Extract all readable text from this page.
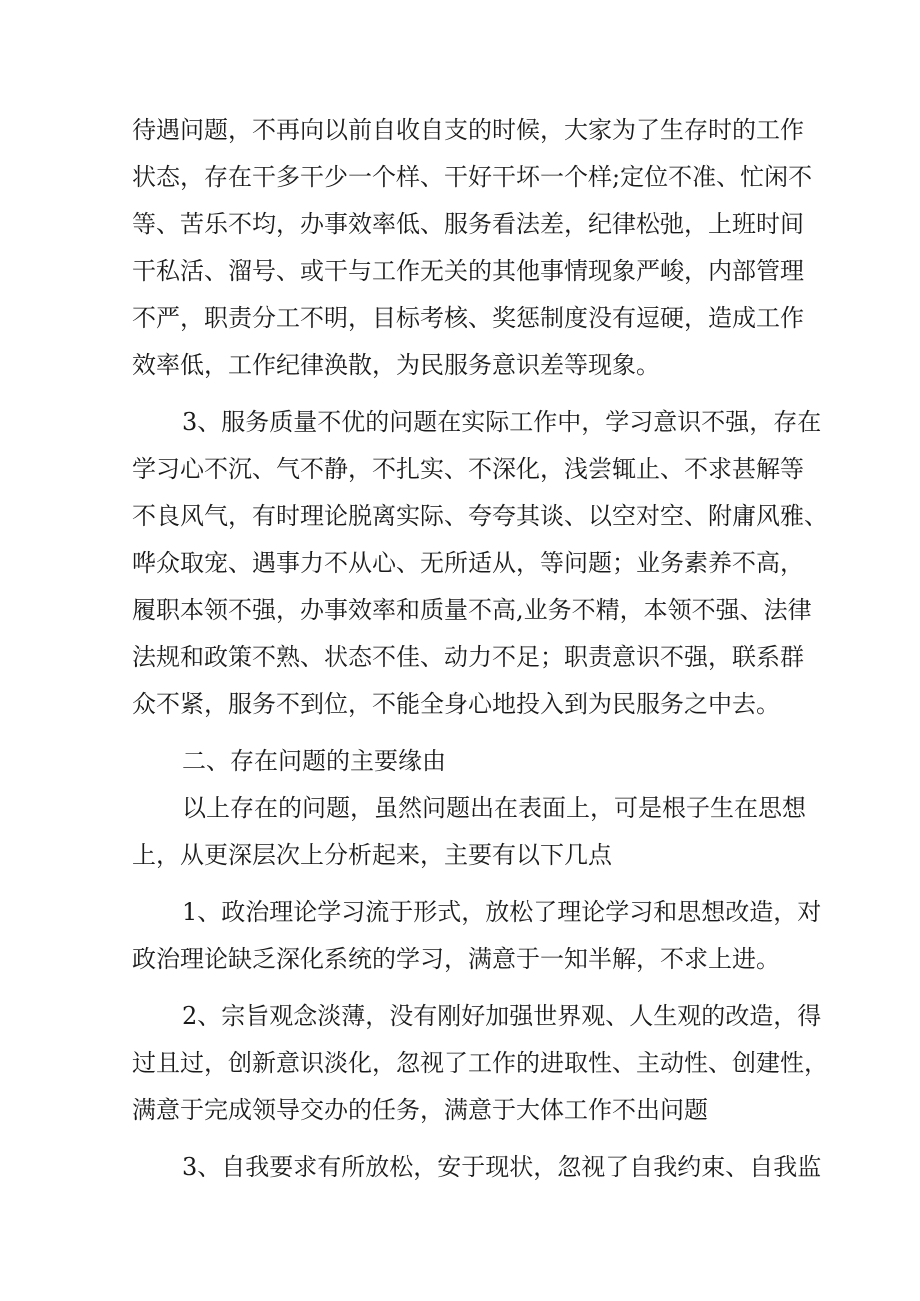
待遇问题，不再向以前自收自支的时候，大家为了生存时的工作
状态，存在干多干少一个样、干好干坏一个样;定位不准、忙闲不
等、苦乐不均，办事效率低、服务看法差，纪律松弛，上班时间
干私活、溜号、或干与工作无关的其他事情现象严峻，内部管理
不严，职责分工不明，目标考核、奖惩制度没有逗硬，造成工作
效率低，工作纪律涣散，为民服务意识差等现象。
3、服务质量不优的问题在实际工作中，学习意识不强，存在
学习心不沉、气不静，不扎实、不深化，浅尝辄止、不求甚解等
不良风气，有时理论脱离实际、夸夸其谈、以空对空、附庸风雅、
哗众取宠、遇事力不从心、无所适从，等问题；业务素养不高，
履职本领不强，办事效率和质量不高,业务不精，本领不强、法律
法规和政策不熟、状态不佳、动力不足；职责意识不强，联系群
众不紧，服务不到位，不能全身心地投入到为民服务之中去。
二、存在问题的主要缘由
以上存在的问题，虽然问题出在表面上，可是根子生在思想
上，从更深层次上分析起来，主要有以下几点
1、政治理论学习流于形式，放松了理论学习和思想改造，对
政治理论缺乏深化系统的学习，满意于一知半解，不求上进。
2、宗旨观念淡薄，没有刚好加强世界观、人生观的改造，得
过且过，创新意识淡化，忽视了工作的进取性、主动性、创建性，
满意于完成领导交办的任务，满意于大体工作不出问题
3、自我要求有所放松，安于现状，忽视了自我约束、自我监
